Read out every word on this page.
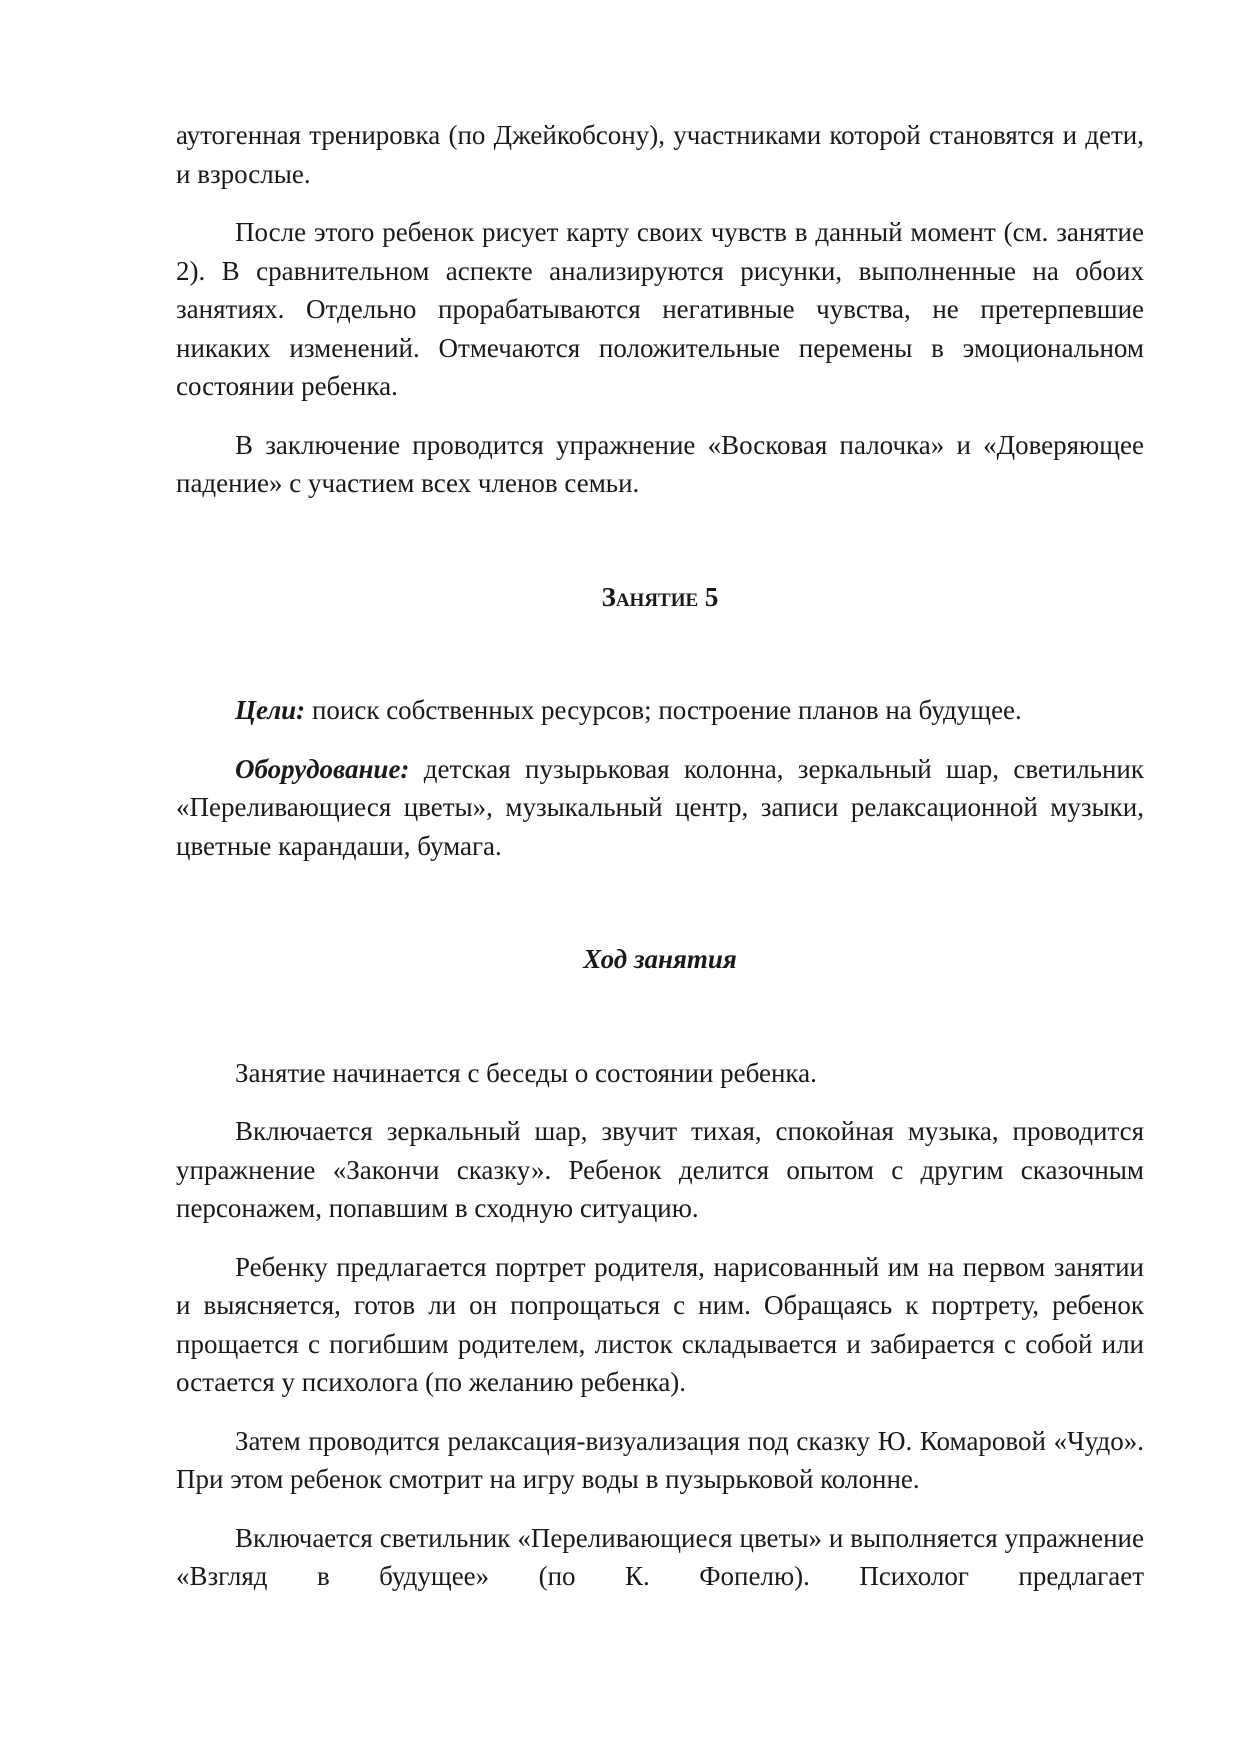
аутогенная тренировка (по Джейкобсону), участниками которой становятся и дети, и взрослые.

После этого ребенок рисует карту своих чувств в данный момент (см. занятие 2). В сравнительном аспекте анализируются рисунки, выполненные на обоих занятиях. Отдельно прорабатываются негативные чувства, не претерпевшие никаких изменений. Отмечаются положительные перемены в эмоциональном состоянии ребенка.

В заключение проводится упражнение «Восковая палочка» и «Доверяющее падение» с участием всех членов семьи.

Занятие 5

Цели: поиск собственных ресурсов; построение планов на будущее.

Оборудование: детская пузырьковая колонна, зеркальный шар, светильник «Переливающиеся цветы», музыкальный центр, записи релаксационной музыки, цветные карандаши, бумага.

Ход занятия

Занятие начинается с беседы о состоянии ребенка.

Включается зеркальный шар, звучит тихая, спокойная музыка, проводится упражнение «Закончи сказку». Ребенок делится опытом с другим сказочным персонажем, попавшим в сходную ситуацию.

Ребенку предлагается портрет родителя, нарисованный им на первом занятии и выясняется, готов ли он попрощаться с ним. Обращаясь к портрету, ребенок прощается с погибшим родителем, листок складывается и забирается с собой или остается у психолога (по желанию ребенка).

Затем проводится релаксация-визуализация под сказку Ю. Комаровой «Чудо». При этом ребенок смотрит на игру воды в пузырьковой колонне.

Включается светильник «Переливающиеся цветы» и выполняется упражнение «Взгляд в будущее» (по К. Фопелю). Психолог предлагает
